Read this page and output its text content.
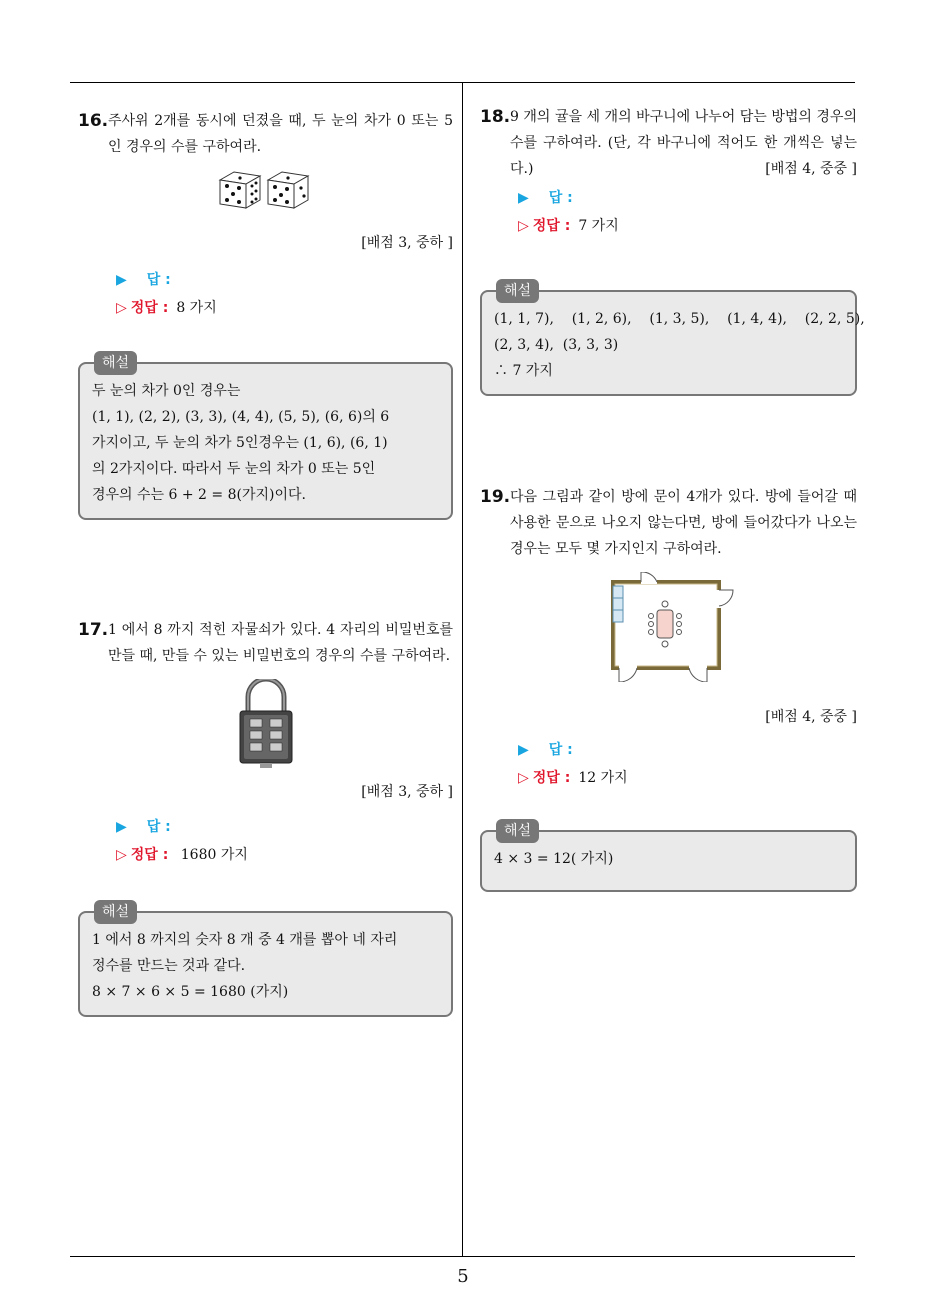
5
16. 주사위 2개를 동시에 던졌을 때, 두 눈의 차가 0 또는 5인 경우의 수를 구하여라.
[배점 3, 중하 ]
▶ 답 :
▷ 정답 : 8 가지
해설
두 눈의 차가 0인 경우는
(1, 1), (2, 2), (3, 3), (4, 4), (5, 5), (6, 6)의 6
가지이고, 두 눈의 차가 5인경우는 (1, 6), (6, 1)
의 2가지이다. 따라서 두 눈의 차가 0 또는 5인
경우의 수는 6 + 2 = 8(가지)이다.
17. 1 에서 8 까지 적힌 자물쇠가 있다. 4 자리의 비밀번호를 만들 때, 만들 수 있는 비밀번호의 경우의 수를 구하여라.
[배점 3, 중하 ]
▶ 답 :
▷ 정답 : 1680 가지
해설
1 에서 8 까지의 숫자 8 개 중 4 개를 뽑아 네 자리
정수를 만드는 것과 같다.
8 × 7 × 6 × 5 = 1680 (가지)
18. 9 개의 귤을 세 개의 바구니에 나누어 담는 방법의 경우의 수를 구하여라. (단, 각 바구니에 적어도 한 개씩은 넣는다.)	[배점 4, 중중 ]
▶ 답 :
▷ 정답 : 7 가지
해설
(1, 1, 7),    (1, 2, 6),    (1, 3, 5),    (1, 4, 4),    (2, 2, 5),
(2, 3, 4),  (3, 3, 3)
∴ 7 가지
19. 다음 그림과 같이 방에 문이 4개가 있다. 방에 들어갈 때 사용한 문으로 나오지 않는다면, 방에 들어갔다가 나오는 경우는 모두 몇 가지인지 구하여라.
[배점 4, 중중 ]
▶ 답 :
▷ 정답 : 12 가지
해설
4 × 3 = 12( 가지)
